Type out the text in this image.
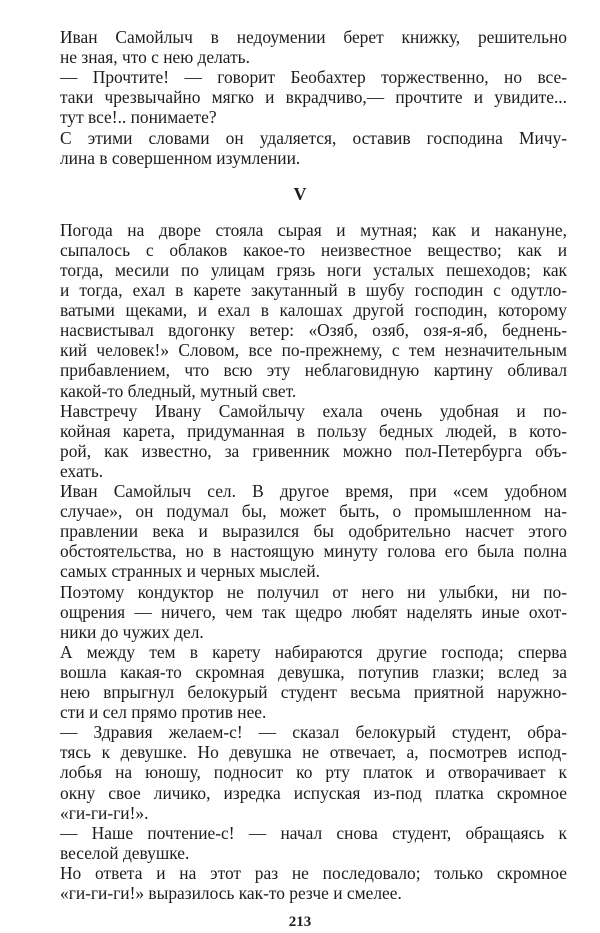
Иван Самойлыч в недоумении берет книжку, решительно
не зная, что с нею делать.
— Прочтите! — говорит Беобахтер торжественно, но все-
таки чрезвычайно мягко и вкрадчиво,— прочтите и увидите...
тут все!.. понимаете?
С этими словами он удаляется, оставив господина Мичу-
лина в совершенном изумлении.
V
Погода на дворе стояла сырая и мутная; как и накануне,
сыпалось с облаков какое-то неизвестное вещество; как и
тогда, месили по улицам грязь ноги усталых пешеходов; как
и тогда, ехал в карете закутанный в шубу господин с одутло-
ватыми щеками, и ехал в калошах другой господин, которому
насвистывал вдогонку ветер: «Озяб, озяб, озя-я-яб, беднень-
кий человек!» Словом, все по-прежнему, с тем незначительным
прибавлением, что всю эту неблаговидную картину обливал
какой-то бледный, мутный свет.
Навстречу Ивану Самойлычу ехала очень удобная и по-
койная карета, придуманная в пользу бедных людей, в кото-
рой, как известно, за гривенник можно пол-Петербурга объ-
ехать.
Иван Самойлыч сел. В другое время, при «сем удобном
случае», он подумал бы, может быть, о промышленном на-
правлении века и выразился бы одобрительно насчет этого
обстоятельства, но в настоящую минуту голова его была полна
самых странных и черных мыслей.
Поэтому кондуктор не получил от него ни улыбки, ни по-
ощрения — ничего, чем так щедро любят наделять иные охот-
ники до чужих дел.
А между тем в карету набираются другие господа; сперва
вошла какая-то скромная девушка, потупив глазки; вслед за
нею впрыгнул белокурый студент весьма приятной наружно-
сти и сел прямо против нее.
— Здравия желаем-с! — сказал белокурый студент, обра-
тясь к девушке. Но девушка не отвечает, а, посмотрев испод-
лобья на юношу, подносит ко рту платок и отворачивает к
окну свое личико, изредка испуская из-под платка скромное
«ги-ги-ги!».
— Наше почтение-с! — начал снова студент, обращаясь к
веселой девушке.
Но ответа и на этот раз не последовало; только скромное
«ги-ги-ги!» выразилось как-то резче и смелее.
213
